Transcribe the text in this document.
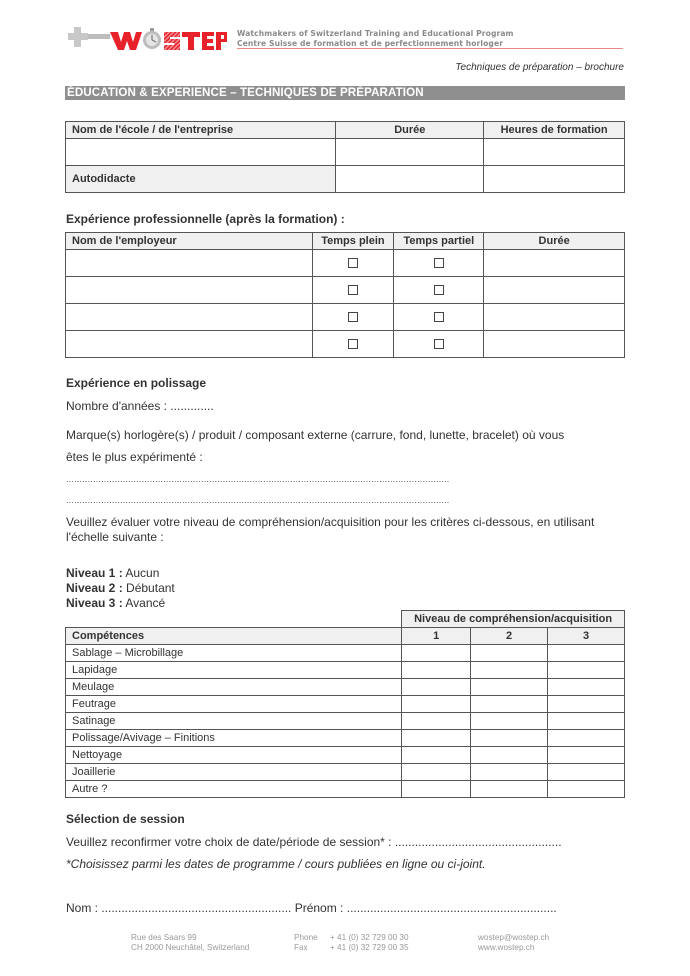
Watchmakers of Switzerland Training and Educational Program
Centre Suisse de formation et de perfectionnement horloger
Techniques de préparation – brochure
ÉDUCATION & EXPERIENCE – TECHNIQUES DE PRÉPARATION
Nom de l'école / de l'entreprise	Durée	Heures de formation

Autodidacte		
Expérience professionnelle (après la formation) :
Nom de l'employeur	Temps plein	Temps partiel	Durée

Expérience en polissage
Nombre d'années : .............
Marque(s) horlogère(s) / produit / composant externe (carrure, fond, lunette, bracelet) où vous
êtes le plus expérimenté :
..............................................................................................................................................
..............................................................................................................................................
Veuillez évaluer votre niveau de compréhension/acquisition pour les critères ci-dessous, en utilisant
l'échelle suivante :
Niveau 1 : Aucun
Niveau 2 : Débutant
Niveau 3 : Avancé
	Niveau de compréhension/acquisition		
Compétences	1	2	3
Sablage – Microbillage			
Lapidage			
Meulage			
Feutrage			
Satinage			
Polissage/Avivage – Finitions			
Nettoyage			
Joaillerie			
Autre ?			
Sélection de session
Veuillez reconfirmer votre choix de date/période de session* : ..................................................
*Choisissez parmi les dates de programme / cours publiées en ligne ou ci-joint.
Nom : ......................................................... Prénom : ...............................................................
Rue des Saars 99
CH 2000 Neuchâtel, Switzerland
Phone
Fax
+ 41 (0) 32 729 00 30
+ 41 (0) 32 729 00 35
wostep@wostep.ch
www.wostep.ch
